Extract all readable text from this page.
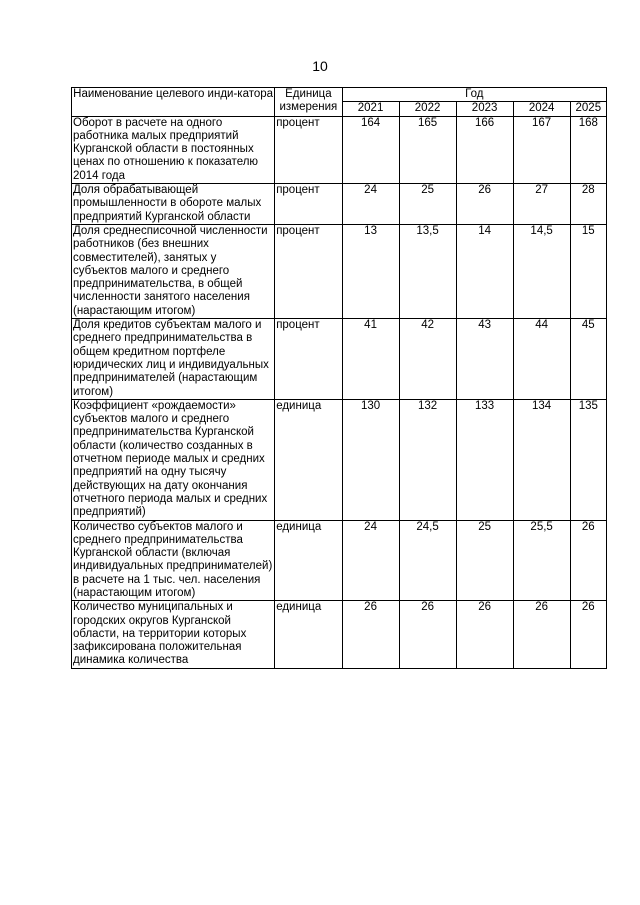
10
Наименование целевого инди-катора	Единица измерения	Год				
		2021	2022	2023	2024	2025
Оборот в расчете на одного работника малых предприятий Курганской области в постоянных ценах по отношению к показателю 2014 года	процент	164	165	166	167	168
Доля обрабатывающей промышленности в обороте малых предприятий Курганской области	процент	24	25	26	27	28
Доля среднесписочной численности работников (без внешних совместителей), занятых у субъектов малого и среднего предпринимательства, в общей численности занятого населения (нарастающим итогом)	процент	13	13,5	14	14,5	15
Доля кредитов субъектам малого и среднего предпринимательства в общем кредитном портфеле юридических лиц и индивидуальных предпринимателей (нарастающим итогом)	процент	41	42	43	44	45
Коэффициент «рождаемости» субъектов малого и среднего предпринимательства Курганской области (количество созданных в отчетном периоде малых и средних предприятий на одну тысячу действующих на дату окончания отчетного периода малых и средних предприятий)	единица	130	132	133	134	135
Количество субъектов малого и среднего предпринимательства Курганской области (включая индивидуальных предпринимателей) в расчете на 1 тыс. чел. населения (нарастающим итогом)	единица	24	24,5	25	25,5	26
Количество муниципальных и городских округов Курганской области, на территории которых зафиксирована положительная динамика количества	единица	26	26	26	26	26
